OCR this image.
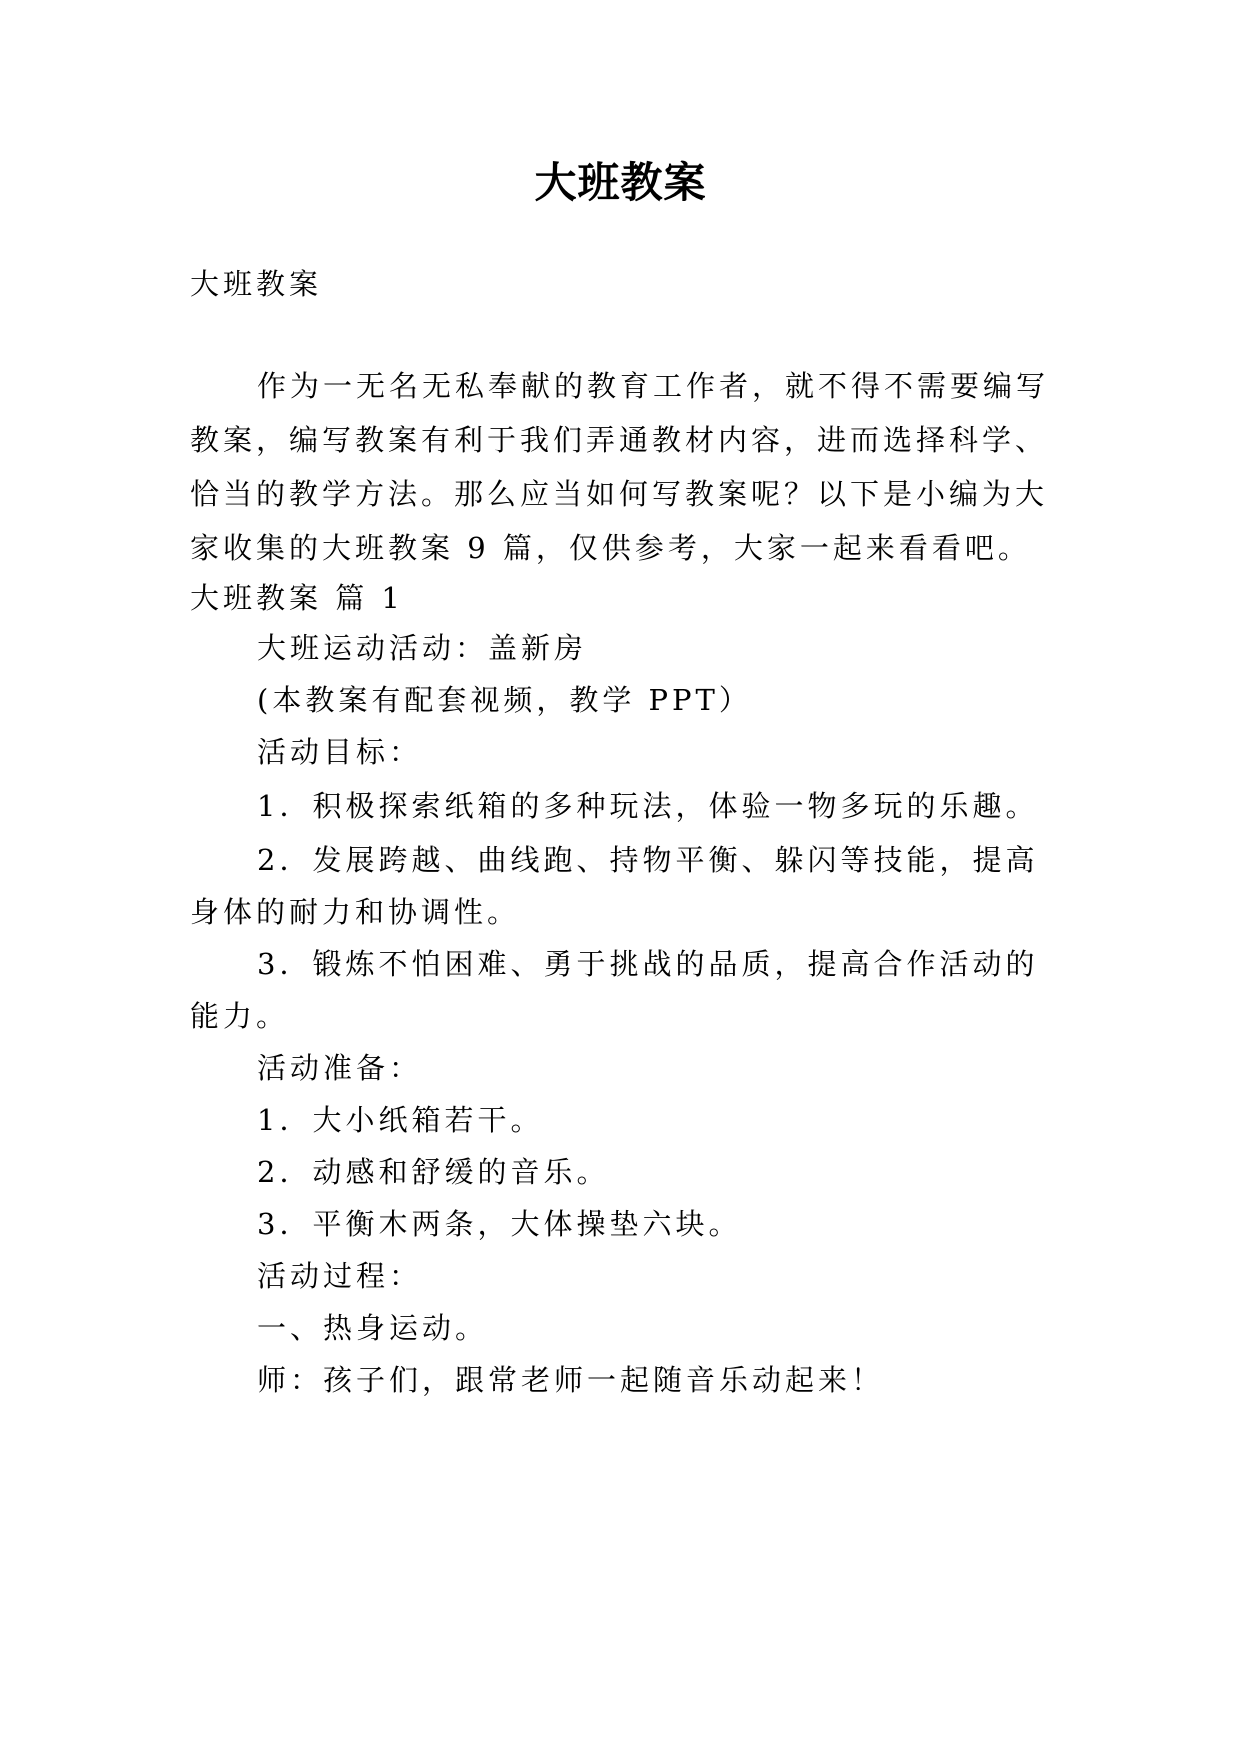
大班教案
大班教案
作为一无名无私奉献的教育工作者，就不得不需要编写
教案，编写教案有利于我们弄通教材内容，进而选择科学、
恰当的教学方法。那么应当如何写教案呢？以下是小编为大
家收集的大班教案 9 篇，仅供参考，大家一起来看看吧。
大班教案 篇 1
大班运动活动：盖新房
(本教案有配套视频，教学 PPT）
活动目标：
1．积极探索纸箱的多种玩法，体验一物多玩的乐趣。
2．发展跨越、曲线跑、持物平衡、躲闪等技能，提高
身体的耐力和协调性。
3．锻炼不怕困难、勇于挑战的品质，提高合作活动的
能力。
活动准备：
1．大小纸箱若干。
2．动感和舒缓的音乐。
3．平衡木两条，大体操垫六块。
活动过程：
一、热身运动。
师：孩子们，跟常老师一起随音乐动起来！
